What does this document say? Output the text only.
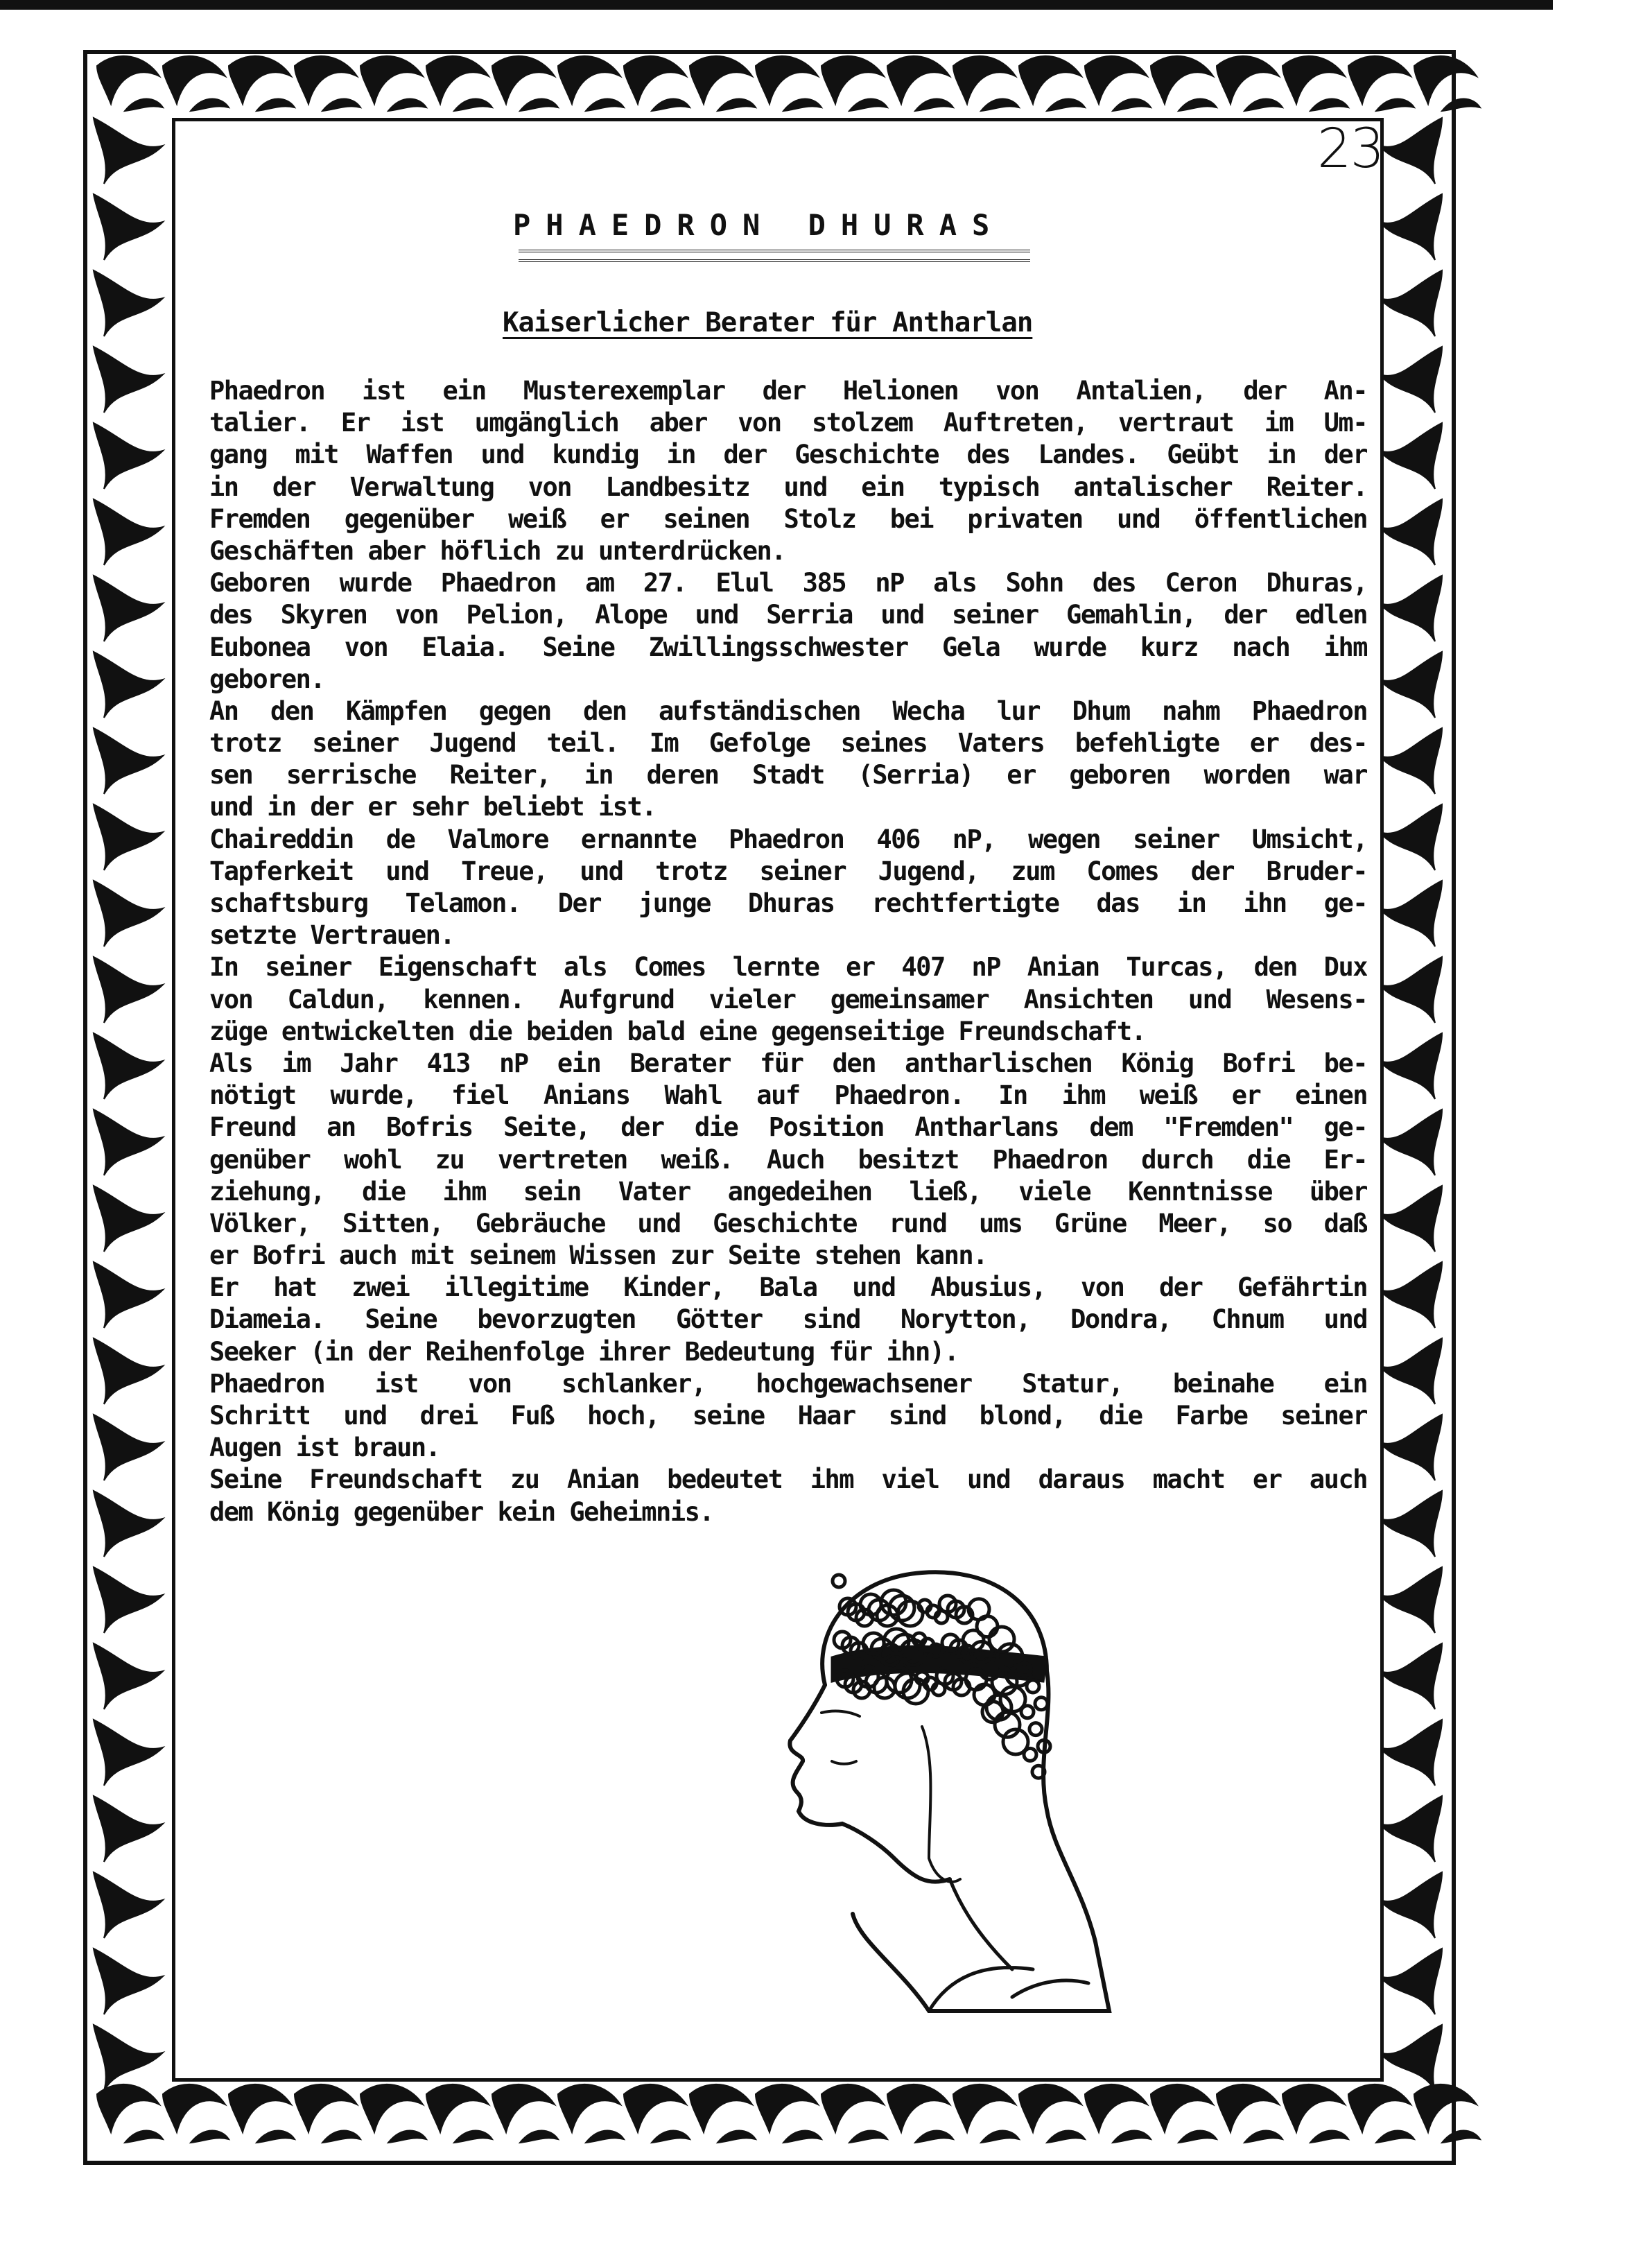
23
PHAEDRON DHURAS
Kaiserlicher Berater für Antharlan
Phaedron ist ein Musterexemplar der Helionen von Antalien, der An-
talier. Er ist umgänglich aber von stolzem Auftreten, vertraut im Um-
gang mit Waffen und kundig in der Geschichte des Landes. Geübt in der
in der Verwaltung von Landbesitz und ein typisch antalischer Reiter.
Fremden gegenüber weiß er seinen Stolz bei privaten und öffentlichen
Geschäften aber höflich zu unterdrücken.
Geboren wurde Phaedron am 27. Elul 385 nP als Sohn des Ceron Dhuras,
des Skyren von Pelion, Alope und Serria und seiner Gemahlin, der edlen
Eubonea von Elaia. Seine Zwillingsschwester Gela wurde kurz nach ihm
geboren.
An den Kämpfen gegen den aufständischen Wecha lur Dhum nahm Phaedron
trotz seiner Jugend teil. Im Gefolge seines Vaters befehligte er des-
sen serrische Reiter, in deren Stadt (Serria) er geboren worden war
und in der er sehr beliebt ist.
Chaireddin de Valmore ernannte Phaedron 406 nP, wegen seiner Umsicht,
Tapferkeit und Treue, und trotz seiner Jugend, zum Comes der Bruder-
schaftsburg Telamon. Der junge Dhuras rechtfertigte das in ihn ge-
setzte Vertrauen.
In seiner Eigenschaft als Comes lernte er 407 nP Anian Turcas, den Dux
von Caldun, kennen. Aufgrund vieler gemeinsamer Ansichten und Wesens-
züge entwickelten die beiden bald eine gegenseitige Freundschaft.
Als im Jahr 413 nP ein Berater für den antharlischen König Bofri be-
nötigt wurde, fiel Anians Wahl auf Phaedron. In ihm weiß er einen
Freund an Bofris Seite, der die Position Antharlans dem "Fremden" ge-
genüber wohl zu vertreten weiß. Auch besitzt Phaedron durch die Er-
ziehung, die ihm sein Vater angedeihen ließ, viele Kenntnisse über
Völker, Sitten, Gebräuche und Geschichte rund ums Grüne Meer, so daß
er Bofri auch mit seinem Wissen zur Seite stehen kann.
Er hat zwei illegitime Kinder, Bala und Abusius, von der Gefährtin
Diameia. Seine bevorzugten Götter sind Norytton, Dondra, Chnum und
Seeker (in der Reihenfolge ihrer Bedeutung für ihn).
Phaedron ist von schlanker, hochgewachsener Statur, beinahe ein
Schritt und drei Fuß hoch, seine Haar sind blond, die Farbe seiner
Augen ist braun.
Seine Freundschaft zu Anian bedeutet ihm viel und daraus macht er auch
dem König gegenüber kein Geheimnis.
